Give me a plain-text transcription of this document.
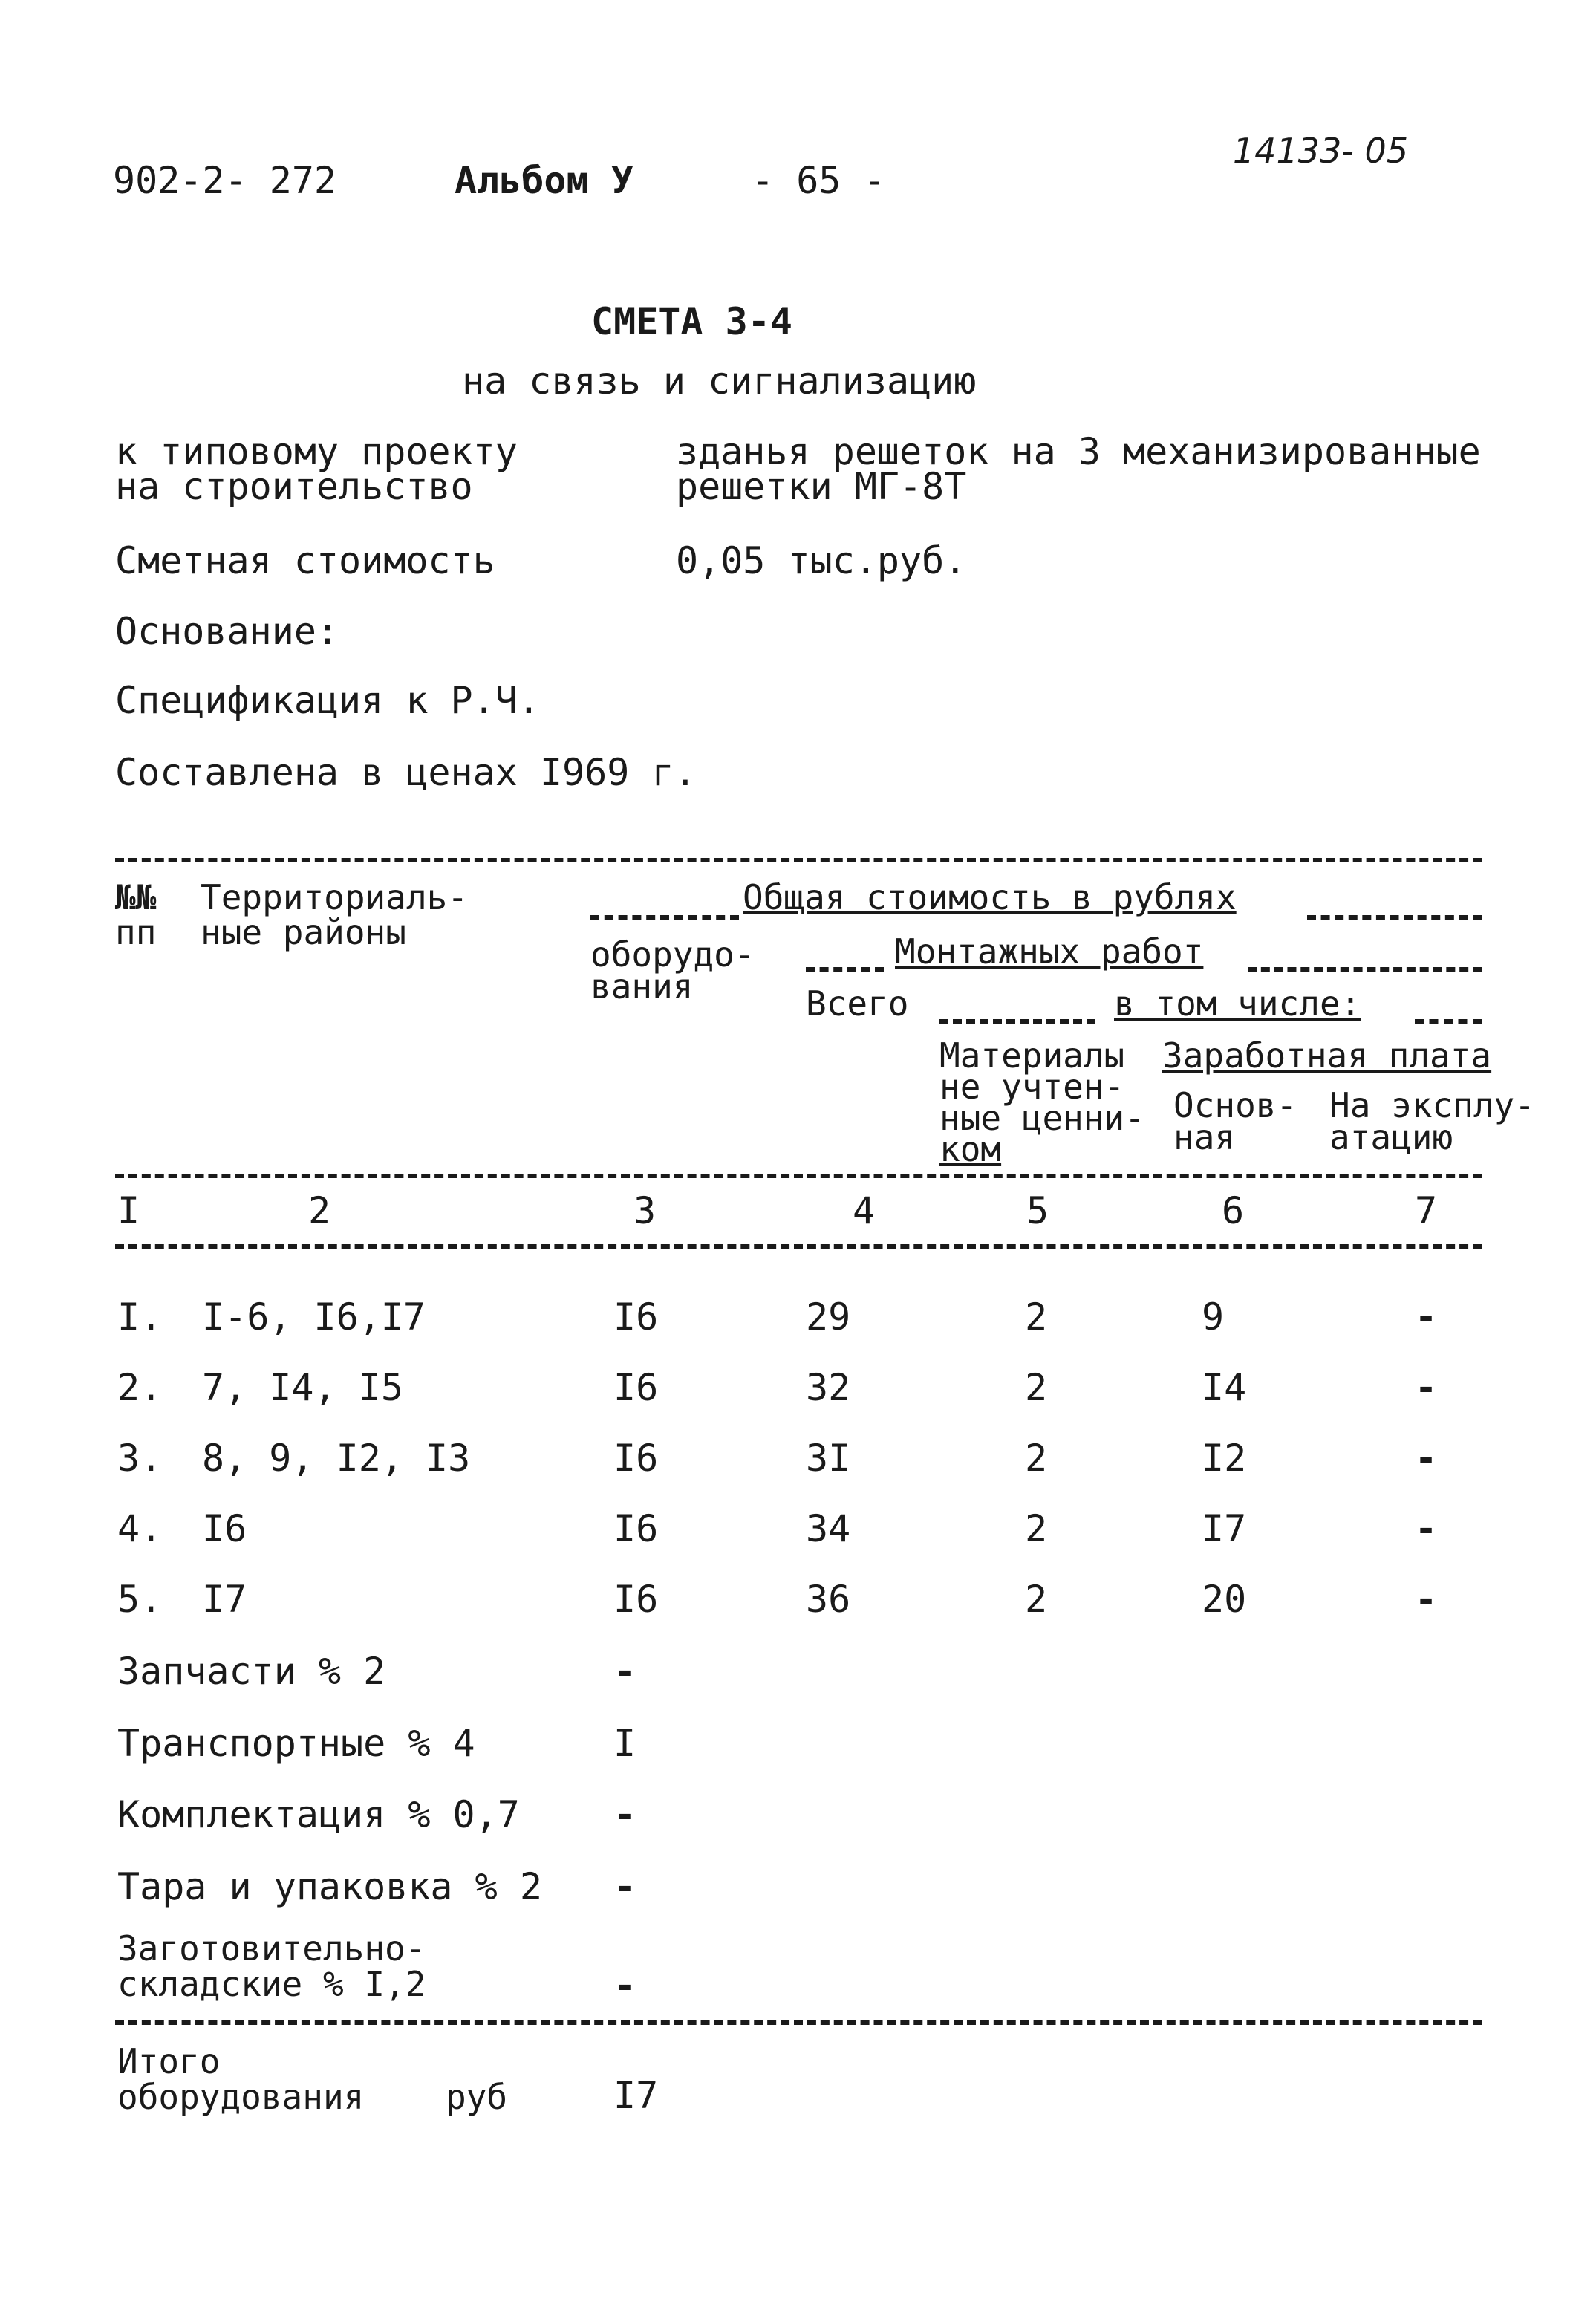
902-2- 272	Альбом У	- 65 -
14133- 05
СМЕТА 3-4
на связь и сигнализацию
к типовому проекту
на строительство
зданья решеток на 3 механизированные
решетки МГ-8Т
Сметная стоимость	0,05 тыс.руб.
Основание:
Спецификация к Р.Ч.
Составлена в ценах I969 г.
№№
пп
Территориаль-
ные районы
Общая стоимость в рублях
оборудо-
вания
Монтажных работ
Всего	в том числе:
Материалы
не учтен-
ные ценни-
ком
Заработная плата
Основ-
ная
На эксплу-
атацию
I	2	3	4	5	6	7
I. I-6, I6,I7	I6	29	2	9	-
2. 7, I4, I5	I6	32	2	I4	-
3. 8, 9, I2, I3	I6	3I	2	I2	-
4. I6	I6	34	2	I7	-
5. I7	I6	36	2	20	-
Запчасти % 2	-
Транспортные % 4	I
Комплектация % 0,7	-
Тара и упаковка % 2 -
Заготовительно-
складские % I,2	-
Итого
оборудования руб	I7
